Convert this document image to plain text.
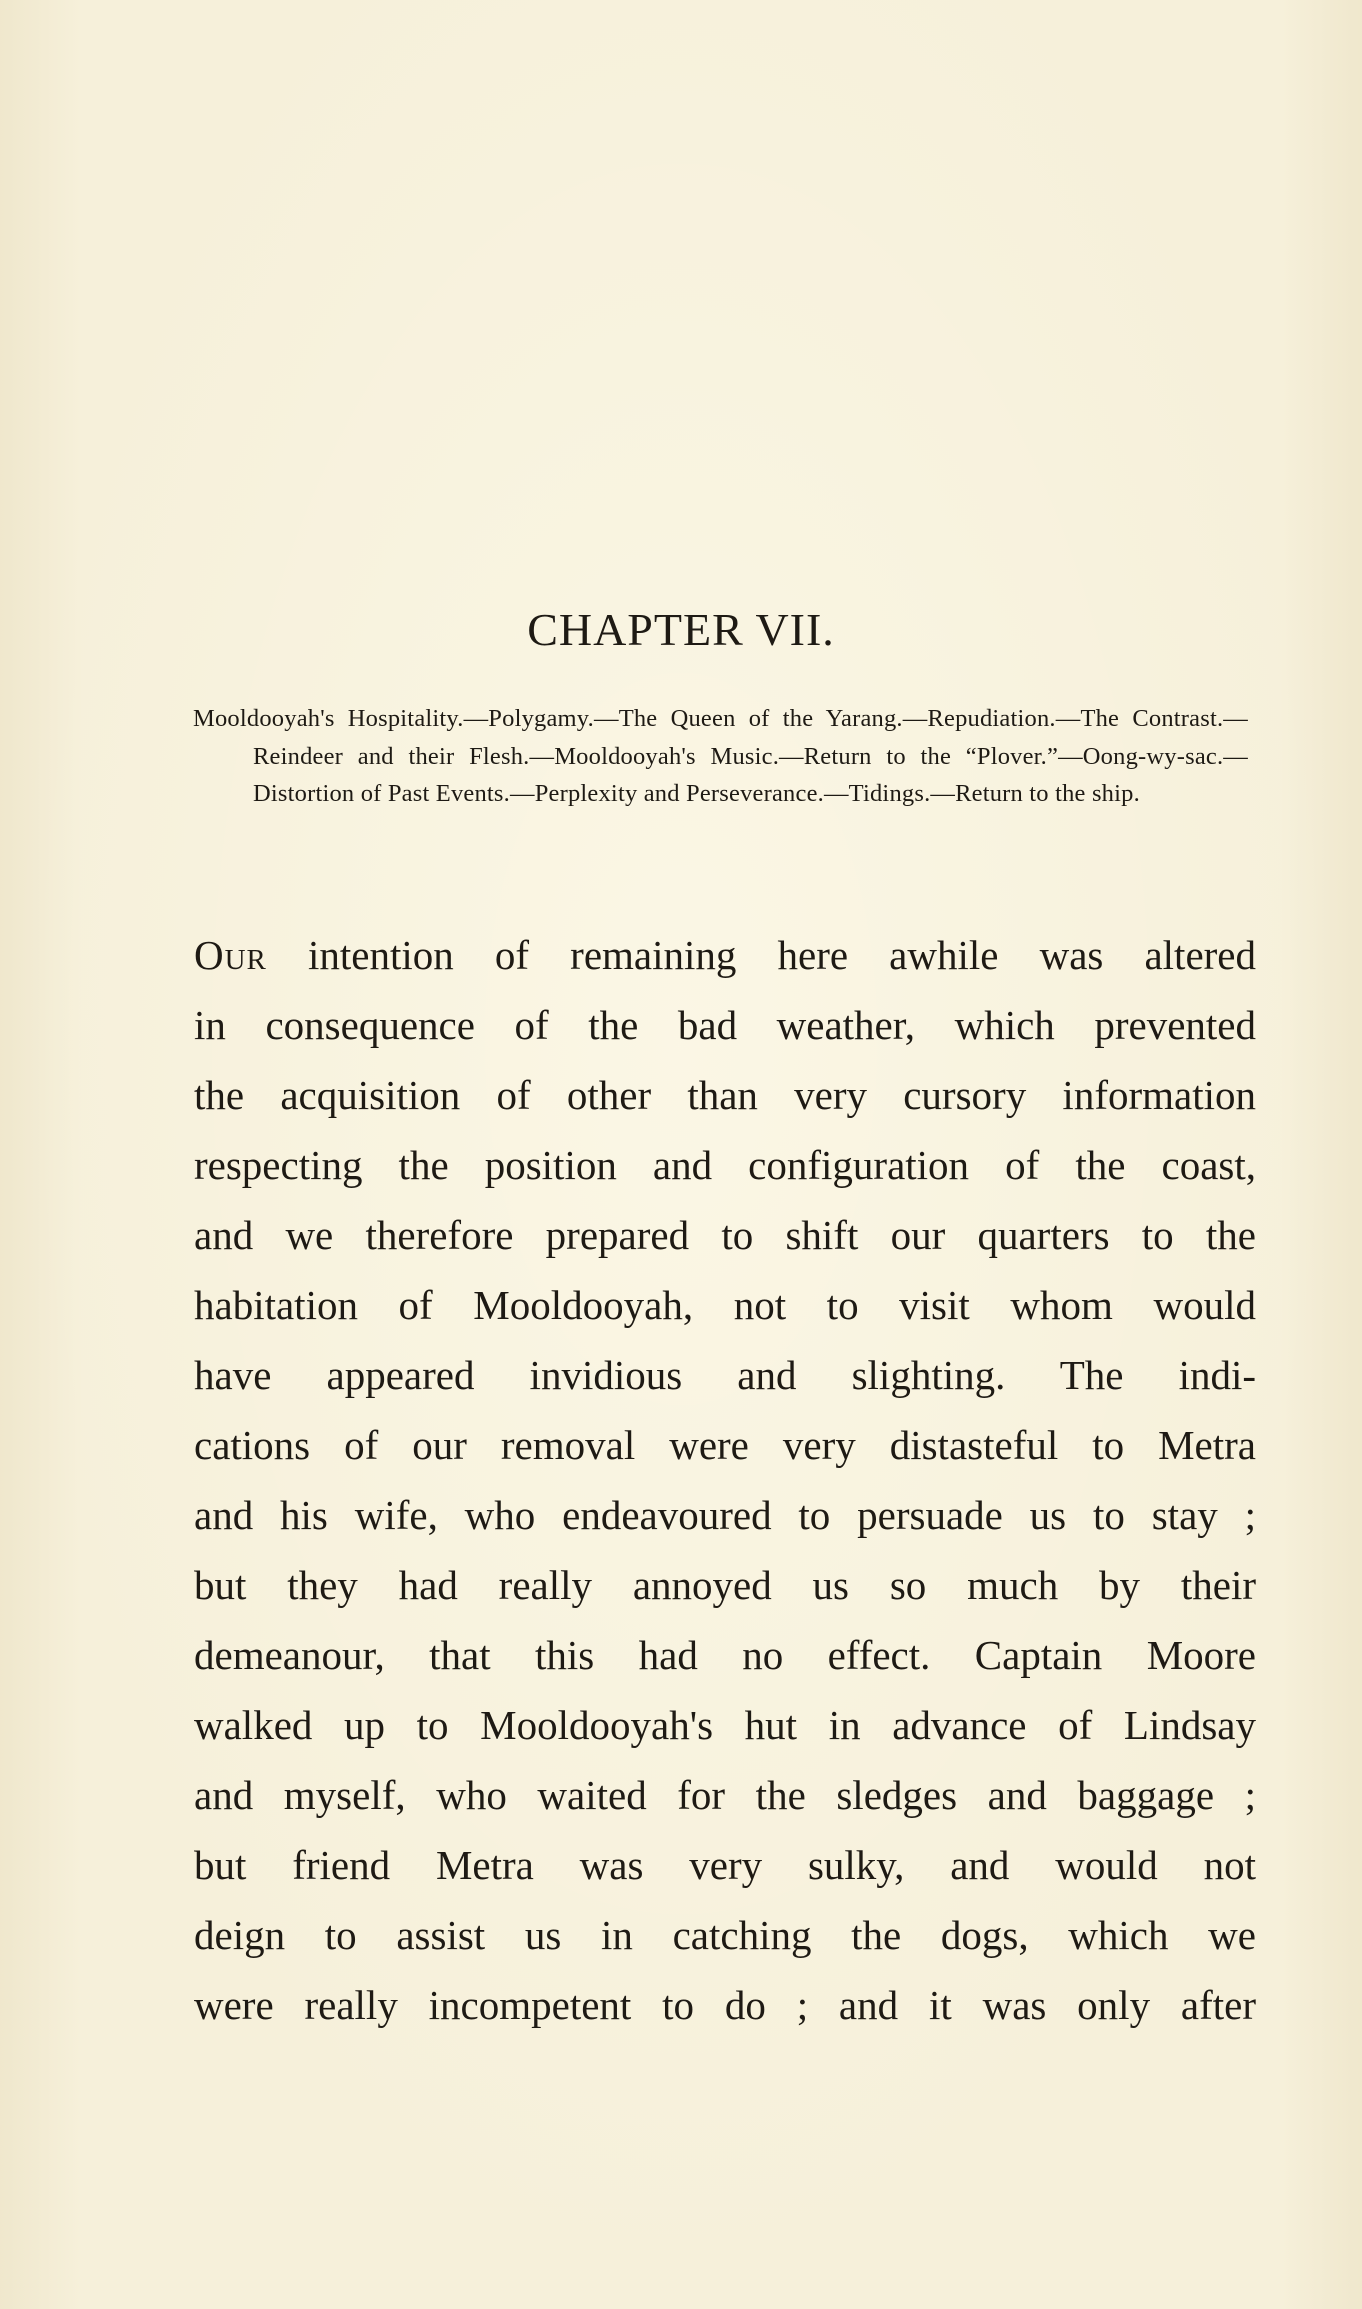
CHAPTER VII.
Mooldooyah's Hospitality.—Polygamy.—The Queen of the Yarang.—Repudiation.—The Contrast.—Reindeer and their Flesh.—Mooldooyah's Music.—Return to the “Plover.”—Oong-wy-sac.—Distortion of Past Events.—Perplexity and Perseverance.—Tidings.—Return to the ship.
Our intention of remaining here awhile was altered
in consequence of the bad weather, which prevented
the acquisition of other than very cursory information
respecting the position and configuration of the coast,
and we therefore prepared to shift our quarters to the
habitation of Mooldooyah, not to visit whom would
have appeared invidious and slighting. The indi-
cations of our removal were very distasteful to Metra
and his wife, who endeavoured to persuade us to stay ;
but they had really annoyed us so much by their
demeanour, that this had no effect. Captain Moore
walked up to Mooldooyah's hut in advance of Lindsay
and myself, who waited for the sledges and baggage ;
but friend Metra was very sulky, and would not
deign to assist us in catching the dogs, which we
were really incompetent to do ; and it was only after
